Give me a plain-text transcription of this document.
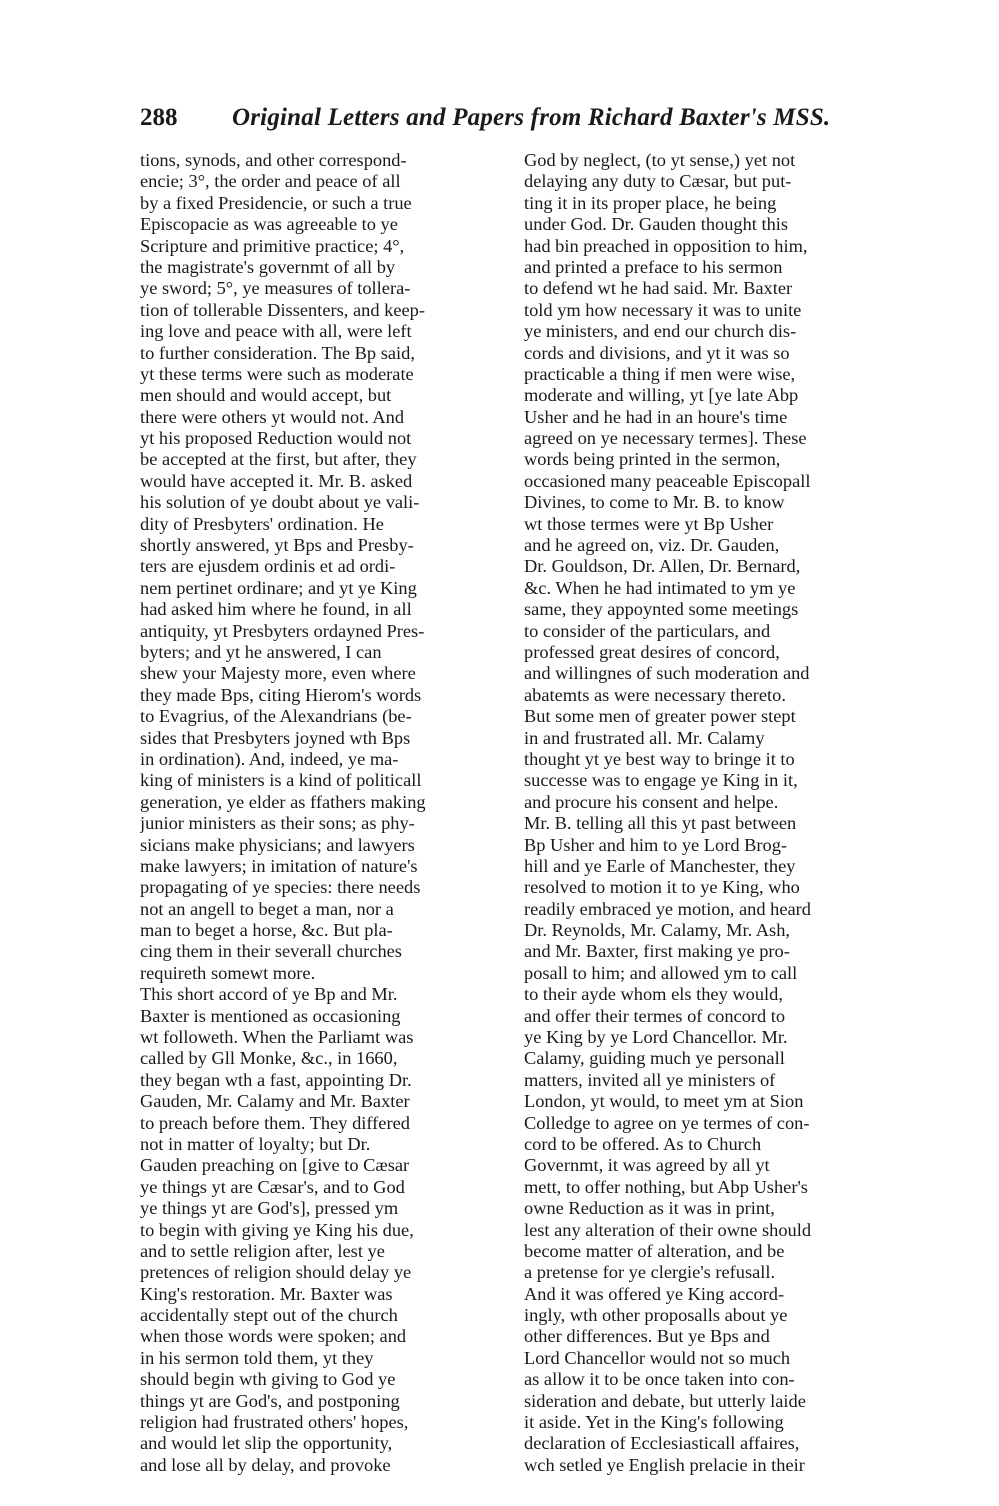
288 Original Letters and Papers from Richard Baxter's MSS.
tions, synods, and other correspond-
encie; 3°, the order and peace of all
by a fixed Presidencie, or such a true
Episcopacie as was agreeable to ye
Scripture and primitive practice; 4°,
the magistrate's governmt of all by
ye sword; 5°, ye measures of tollera-
tion of tollerable Dissenters, and keep-
ing love and peace with all, were left
to further consideration. The Bp said,
yt these terms were such as moderate
men should and would accept, but
there were others yt would not. And
yt his proposed Reduction would not
be accepted at the first, but after, they
would have accepted it. Mr. B. asked
his solution of ye doubt about ye vali-
dity of Presbyters' ordination. He
shortly answered, yt Bps and Presby-
ters are ejusdem ordinis et ad ordi-
nem pertinet ordinare; and yt ye King
had asked him where he found, in all
antiquity, yt Presbyters ordayned Pres-
byters; and yt he answered, I can
shew your Majesty more, even where
they made Bps, citing Hierom's words
to Evagrius, of the Alexandrians (be-
sides that Presbyters joyned wth Bps
in ordination). And, indeed, ye ma-
king of ministers is a kind of politicall
generation, ye elder as ffathers making
junior ministers as their sons; as phy-
sicians make physicians; and lawyers
make lawyers; in imitation of nature's
propagating of ye species: there needs
not an angell to beget a man, nor a
man to beget a horse, &c. But pla-
cing them in their severall churches
requireth somewt more.
This short accord of ye Bp and Mr.
Baxter is mentioned as occasioning
wt followeth. When the Parliamt was
called by Gll Monke, &c., in 1660,
they began wth a fast, appointing Dr.
Gauden, Mr. Calamy and Mr. Baxter
to preach before them. They differed
not in matter of loyalty; but Dr.
Gauden preaching on [give to Cæsar
ye things yt are Cæsar's, and to God
ye things yt are God's], pressed ym
to begin with giving ye King his due,
and to settle religion after, lest ye
pretences of religion should delay ye
King's restoration. Mr. Baxter was
accidentally stept out of the church
when those words were spoken; and
in his sermon told them, yt they
should begin wth giving to God ye
things yt are God's, and postponing
religion had frustrated others' hopes,
and would let slip the opportunity,
and lose all by delay, and provoke
God by neglect, (to yt sense,) yet not
delaying any duty to Cæsar, but put-
ting it in its proper place, he being
under God. Dr. Gauden thought this
had bin preached in opposition to him,
and printed a preface to his sermon
to defend wt he had said. Mr. Baxter
told ym how necessary it was to unite
ye ministers, and end our church dis-
cords and divisions, and yt it was so
practicable a thing if men were wise,
moderate and willing, yt [ye late Abp
Usher and he had in an houre's time
agreed on ye necessary termes]. These
words being printed in the sermon,
occasioned many peaceable Episcopall
Divines, to come to Mr. B. to know
wt those termes were yt Bp Usher
and he agreed on, viz. Dr. Gauden,
Dr. Gouldson, Dr. Allen, Dr. Bernard,
&c. When he had intimated to ym ye
same, they appoynted some meetings
to consider of the particulars, and
professed great desires of concord,
and willingnes of such moderation and
abatemts as were necessary thereto.
But some men of greater power stept
in and frustrated all. Mr. Calamy
thought yt ye best way to bringe it to
successe was to engage ye King in it,
and procure his consent and helpe.
Mr. B. telling all this yt past between
Bp Usher and him to ye Lord Brog-
hill and ye Earle of Manchester, they
resolved to motion it to ye King, who
readily embraced ye motion, and heard
Dr. Reynolds, Mr. Calamy, Mr. Ash,
and Mr. Baxter, first making ye pro-
posall to him; and allowed ym to call
to their ayde whom els they would,
and offer their termes of concord to
ye King by ye Lord Chancellor. Mr.
Calamy, guiding much ye personall
matters, invited all ye ministers of
London, yt would, to meet ym at Sion
Colledge to agree on ye termes of con-
cord to be offered. As to Church
Governmt, it was agreed by all yt
mett, to offer nothing, but Abp Usher's
owne Reduction as it was in print,
lest any alteration of their owne should
become matter of alteration, and be
a pretense for ye clergie's refusall.
And it was offered ye King accord-
ingly, wth other proposalls about ye
other differences. But ye Bps and
Lord Chancellor would not so much
as allow it to be once taken into con-
sideration and debate, but utterly laide
it aside. Yet in the King's following
declaration of Ecclesiasticall affaires,
wch setled ye English prelacie in their
